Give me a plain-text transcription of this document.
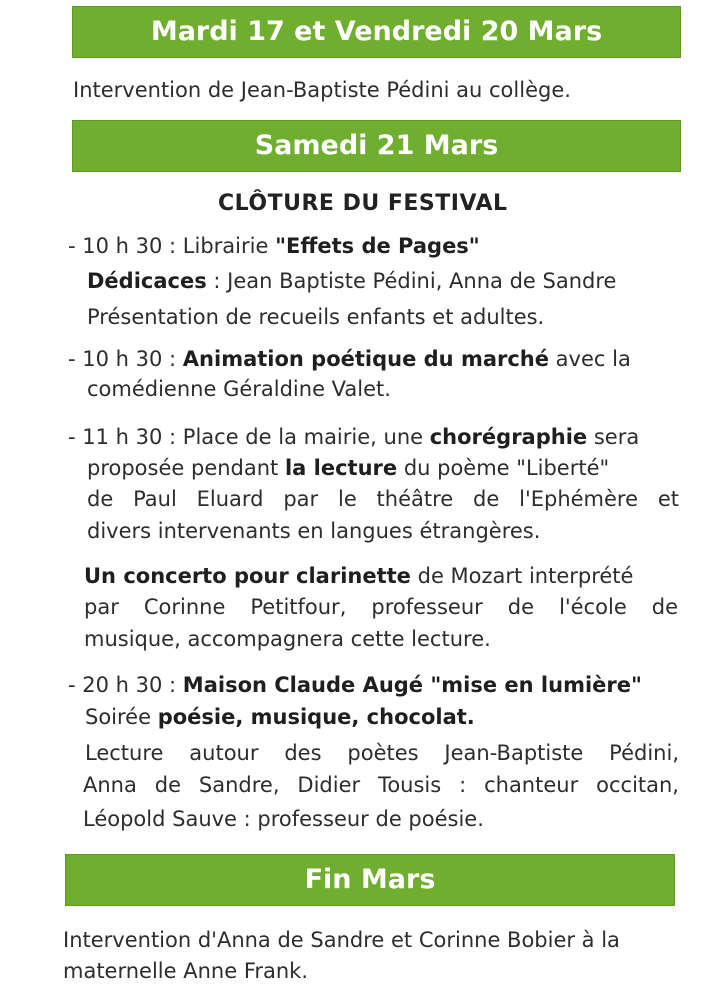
Mardi 17 et Vendredi 20 Mars
Intervention de Jean-Baptiste Pédini au collège.
Samedi 21 Mars
CLÔTURE DU FESTIVAL
- 10 h 30 : Librairie "Effets de Pages"
Dédicaces : Jean Baptiste Pédini, Anna de Sandre
Présentation de recueils enfants et adultes.
- 10 h 30 : Animation poétique du marché avec la
comédienne Géraldine Valet.
- 11 h 30 : Place de la mairie, une chorégraphie sera
proposée pendant la lecture du poème "Liberté"
de Paul Eluard par le théâtre de l'Ephémère et
divers intervenants en langues étrangères.
Un concerto pour clarinette de Mozart interprété
par Corinne Petitfour, professeur de l'école de
musique, accompagnera cette lecture.
- 20 h 30 : Maison Claude Augé "mise en lumière"
Soirée poésie, musique, chocolat.
Lecture autour des poètes Jean-Baptiste Pédini,
Anna de Sandre, Didier Tousis : chanteur occitan,
Léopold Sauve : professeur de poésie.
Fin Mars
Intervention d'Anna de Sandre et Corinne Bobier à la
maternelle Anne Frank.
